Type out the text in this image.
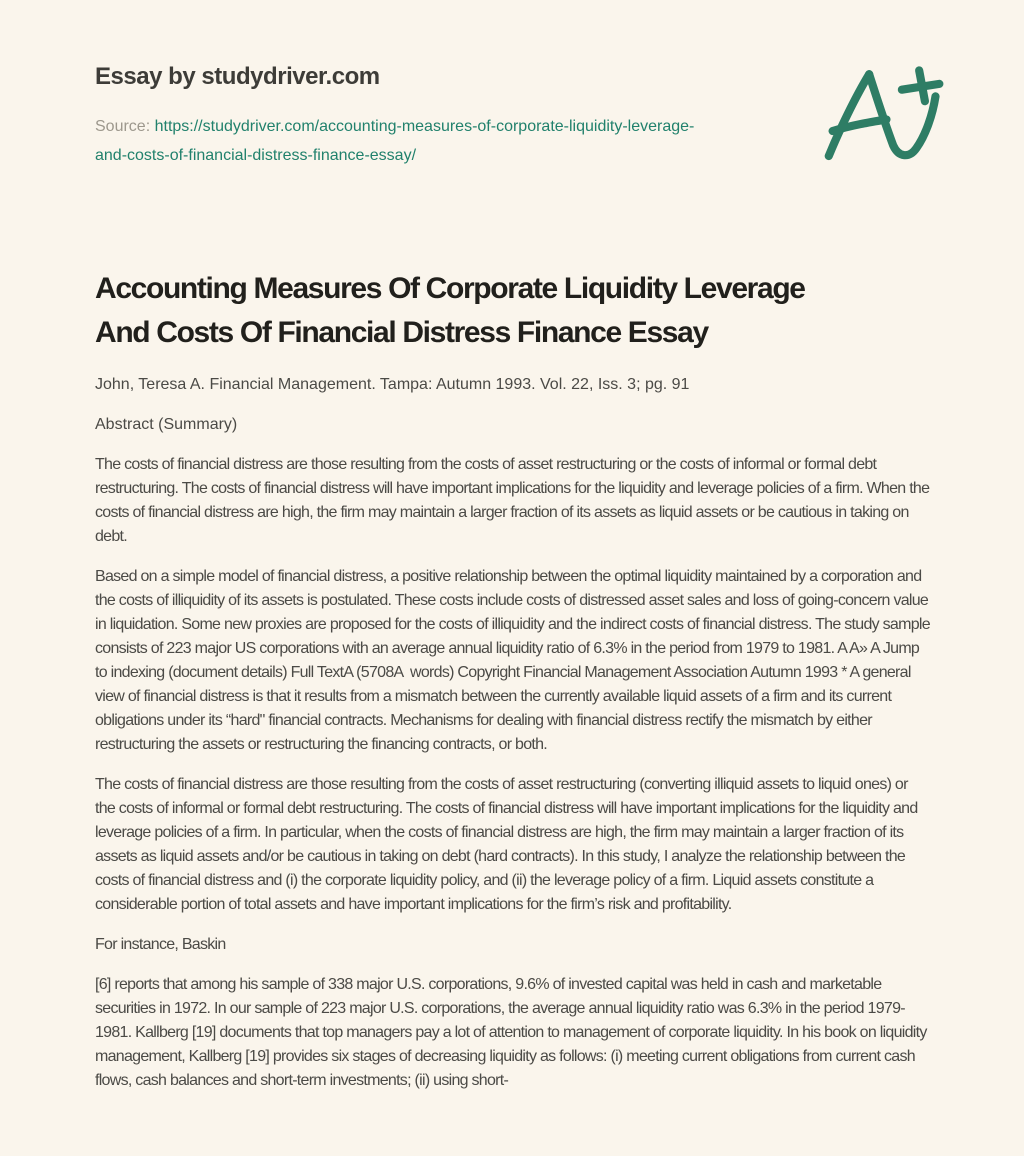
Essay by studydriver.com

Source: https://studydriver.com/accounting-measures-of-corporate-liquidity-leverage-and-costs-of-financial-distress-finance-essay/

Accounting Measures Of Corporate Liquidity Leverage And Costs Of Financial Distress Finance Essay

John, Teresa A. Financial Management. Tampa: Autumn 1993. Vol. 22, Iss. 3; pg. 91

Abstract (Summary)

The costs of financial distress are those resulting from the costs of asset restructuring or the costs of informal or formal debt restructuring. The costs of financial distress will have important implications for the liquidity and leverage policies of a firm. When the costs of financial distress are high, the firm may maintain a larger fraction of its assets as liquid assets or be cautious in taking on debt.

Based on a simple model of financial distress, a positive relationship between the optimal liquidity maintained by a corporation and the costs of illiquidity of its assets is postulated. These costs include costs of distressed asset sales and loss of going-concern value in liquidation. Some new proxies are proposed for the costs of illiquidity and the indirect costs of financial distress. The study sample consists of 223 major US corporations with an average annual liquidity ratio of 6.3% in the period from 1979 to 1981. A A» A Jump to indexing (document details) Full TextA (5708A  words) Copyright Financial Management Association Autumn 1993 * A general view of financial distress is that it results from a mismatch between the currently available liquid assets of a firm and its current obligations under its “hard" financial contracts. Mechanisms for dealing with financial distress rectify the mismatch by either restructuring the assets or restructuring the financing contracts, or both.

The costs of financial distress are those resulting from the costs of asset restructuring (converting illiquid assets to liquid ones) or the costs of informal or formal debt restructuring. The costs of financial distress will have important implications for the liquidity and leverage policies of a firm. In particular, when the costs of financial distress are high, the firm may maintain a larger fraction of its assets as liquid assets and/or be cautious in taking on debt (hard contracts). In this study, I analyze the relationship between the costs of financial distress and (i) the corporate liquidity policy, and (ii) the leverage policy of a firm. Liquid assets constitute a considerable portion of total assets and have important implications for the firm’s risk and profitability.

For instance, Baskin

[6] reports that among his sample of 338 major U.S. corporations, 9.6% of invested capital was held in cash and marketable securities in 1972. In our sample of 223 major U.S. corporations, the average annual liquidity ratio was 6.3% in the period 1979-1981. Kallberg [19] documents that top managers pay a lot of attention to management of corporate liquidity. In his book on liquidity management, Kallberg [19] provides six stages of decreasing liquidity as follows: (i) meeting current obligations from current cash flows, cash balances and short-term investments; (ii) using short-
